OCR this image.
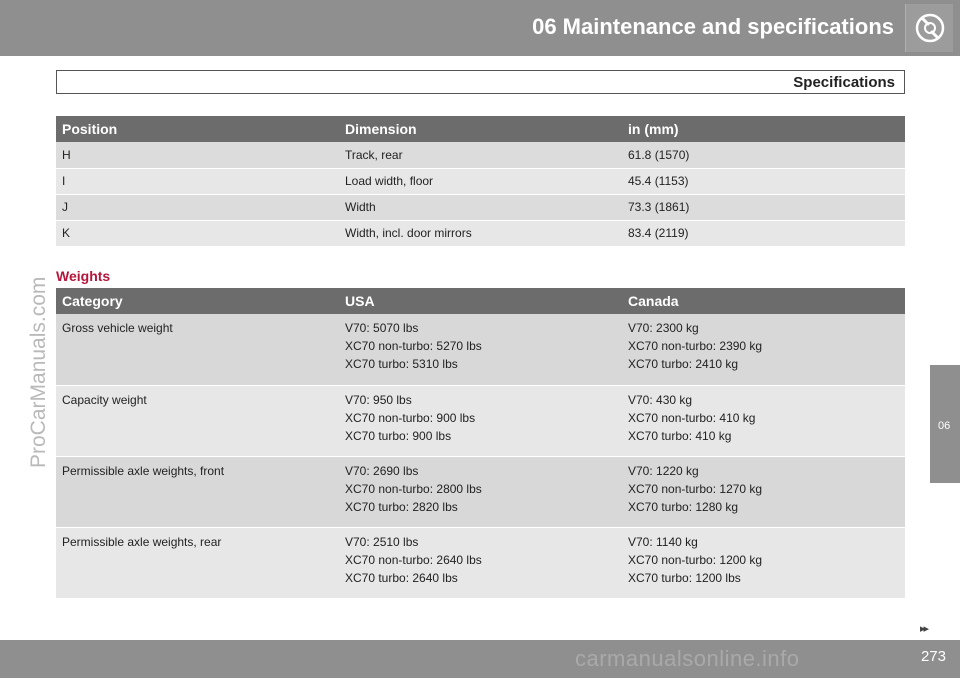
06 Maintenance and specifications
Specifications
ProCarManuals.com
Position	Dimension	in (mm)
H	Track, rear	61.8 (1570)
I	Load width, floor	45.4 (1153)
J	Width	73.3 (1861)
K	Width, incl. door mirrors	83.4 (2119)
Weights
Category	USA	Canada

Gross vehicle weight	V70: 5070 lbs
XC70 non-turbo: 5270 lbs
XC70 turbo: 5310 lbs	V70: 2300 kg
XC70 non-turbo: 2390 kg
XC70 turbo: 2410 kg

Capacity weight	V70: 950 lbs
XC70 non-turbo: 900 lbs
XC70 turbo: 900 lbs	V70: 430 kg
XC70 non-turbo: 410 kg
XC70 turbo: 410 kg

Permissible axle weights, front	V70: 2690 lbs
XC70 non-turbo: 2800 lbs
XC70 turbo: 2820 lbs	V70: 1220 kg
XC70 non-turbo: 1270 kg
XC70 turbo: 1280 kg

Permissible axle weights, rear	V70: 2510 lbs
XC70 non-turbo: 2640 lbs
XC70 turbo: 2640 lbs	V70: 1140 kg
XC70 non-turbo: 1200 kg
XC70 turbo: 1200 lbs
06
▸▸
carmanualsonline.info	273
